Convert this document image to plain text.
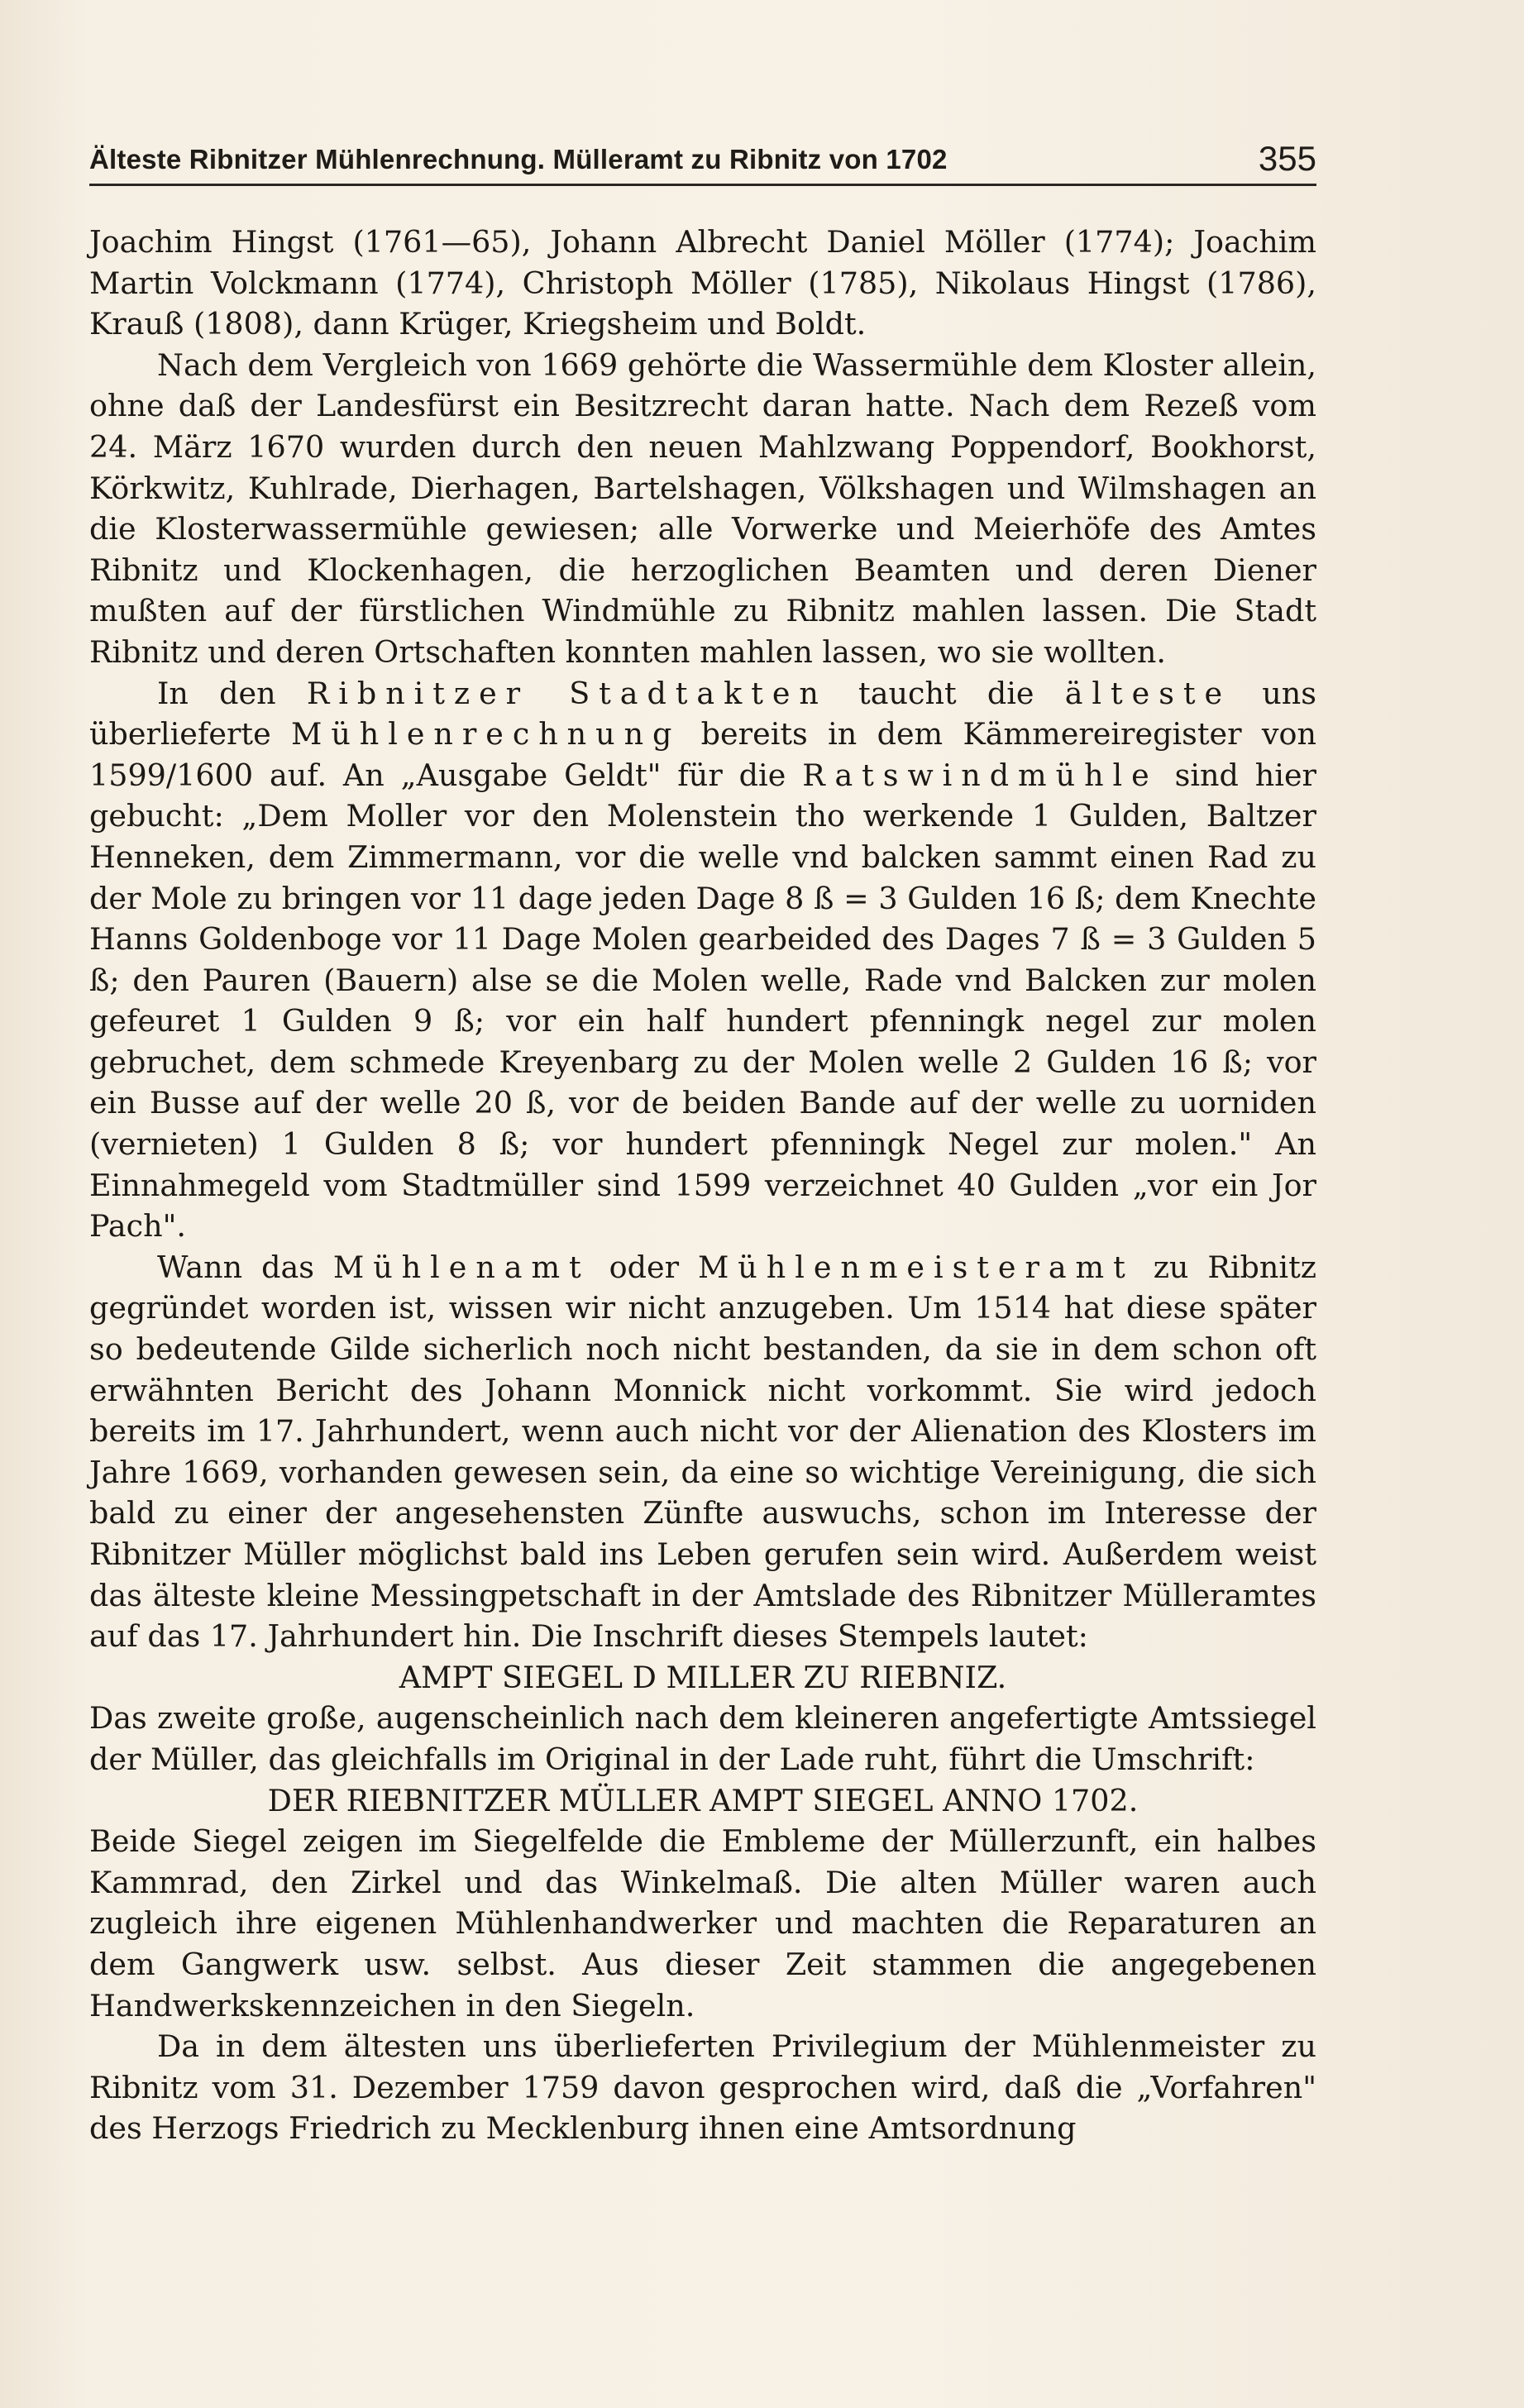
Älteste Ribnitzer Mühlenrechnung. Mülleramt zu Ribnitz von 1702	355

Joachim Hingst (1761—65), Johann Albrecht Daniel Möller (1774); Joachim Martin Volckmann (1774), Christoph Möller (1785), Nikolaus Hingst (1786), Krauß (1808), dann Krüger, Kriegsheim und Boldt.

Nach dem Vergleich von 1669 gehörte die Wassermühle dem Kloster allein, ohne daß der Landesfürst ein Besitzrecht daran hatte. Nach dem Rezeß vom 24. März 1670 wurden durch den neuen Mahlzwang Poppendorf, Bookhorst, Körkwitz, Kuhlrade, Dierhagen, Bartelshagen, Völkshagen und Wilmshagen an die Klosterwassermühle gewiesen; alle Vorwerke und Meierhöfe des Amtes Ribnitz und Klockenhagen, die herzoglichen Beamten und deren Diener mußten auf der fürstlichen Windmühle zu Ribnitz mahlen lassen. Die Stadt Ribnitz und deren Ortschaften konnten mahlen lassen, wo sie wollten.

In den Ribnitzer Stadtakten taucht die älteste uns überlieferte Mühlenrechnung bereits in dem Kämmereiregister von 1599/1600 auf. An „Ausgabe Geldt" für die Ratswindmühle sind hier gebucht: „Dem Moller vor den Molenstein tho werkende 1 Gulden, Baltzer Henneken, dem Zimmermann, vor die welle vnd balcken sammt einen Rad zu der Mole zu bringen vor 11 dage jeden Dage 8 ß = 3 Gulden 16 ß; dem Knechte Hanns Goldenboge vor 11 Dage Molen gearbeided des Dages 7 ß = 3 Gulden 5 ß; den Pauren (Bauern) alse se die Molen welle, Rade vnd Balcken zur molen gefeuret 1 Gulden 9 ß; vor ein half hundert pfenningk negel zur molen gebruchet, dem schmede Kreyenbarg zu der Molen welle 2 Gulden 16 ß; vor ein Busse auf der welle 20 ß, vor de beiden Bande auf der welle zu uorniden (vernieten) 1 Gulden 8 ß; vor hundert pfenningk Negel zur molen." An Einnahmegeld vom Stadtmüller sind 1599 verzeichnet 40 Gulden „vor ein Jor Pach".

Wann das Mühlenamt oder Mühlenmeisteramt zu Ribnitz gegründet worden ist, wissen wir nicht anzugeben. Um 1514 hat diese später so bedeutende Gilde sicherlich noch nicht bestanden, da sie in dem schon oft erwähnten Bericht des Johann Monnick nicht vorkommt. Sie wird jedoch bereits im 17. Jahrhundert, wenn auch nicht vor der Alienation des Klosters im Jahre 1669, vorhanden gewesen sein, da eine so wichtige Vereinigung, die sich bald zu einer der angesehensten Zünfte auswuchs, schon im Interesse der Ribnitzer Müller möglichst bald ins Leben gerufen sein wird. Außerdem weist das älteste kleine Messingpetschaft in der Amtslade des Ribnitzer Mülleramtes auf das 17. Jahrhundert hin. Die Inschrift dieses Stempels lautet:

AMPT SIEGEL D MILLER ZU RIEBNIZ.

Das zweite große, augenscheinlich nach dem kleineren angefertigte Amtssiegel der Müller, das gleichfalls im Original in der Lade ruht, führt die Umschrift:

DER RIEBNITZER MÜLLER AMPT SIEGEL ANNO 1702.

Beide Siegel zeigen im Siegelfelde die Embleme der Müllerzunft, ein halbes Kammrad, den Zirkel und das Winkelmaß. Die alten Müller waren auch zugleich ihre eigenen Mühlenhandwerker und machten die Reparaturen an dem Gangwerk usw. selbst. Aus dieser Zeit stammen die angegebenen Handwerkskennzeichen in den Siegeln.

Da in dem ältesten uns überlieferten Privilegium der Mühlenmeister zu Ribnitz vom 31. Dezember 1759 davon gesprochen wird, daß die „Vorfahren" des Herzogs Friedrich zu Mecklenburg ihnen eine Amtsordnung
